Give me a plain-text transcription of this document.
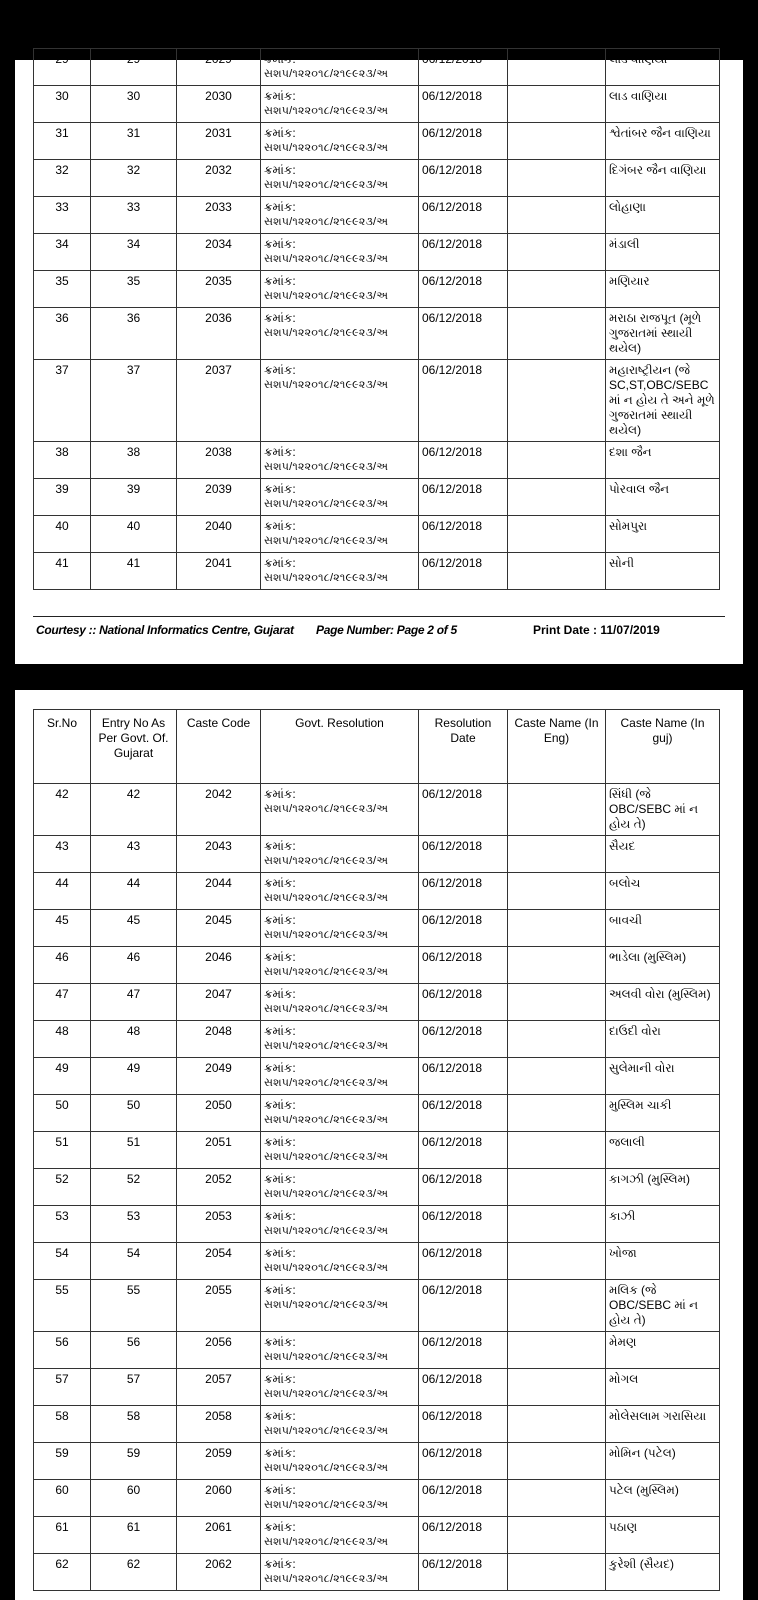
29	29	2029	ક્રમાંક:
સશપ/૧૨૨૦૧૮/૨૧૯૯૨૩/અ	06/12/2018		લાડ વાણિયા
30	30	2030	ક્રમાંક:
સશપ/૧૨૨૦૧૮/૨૧૯૯૨૩/અ	06/12/2018		લાડ વાણિયા
31	31	2031	ક્રમાંક:
સશપ/૧૨૨૦૧૮/૨૧૯૯૨૩/અ	06/12/2018		શ્વેતાંબર જૈન વાણિયા
32	32	2032	ક્રમાંક:
સશપ/૧૨૨૦૧૮/૨૧૯૯૨૩/અ	06/12/2018		દિગંબર જૈન વાણિયા
33	33	2033	ક્રમાંક:
સશપ/૧૨૨૦૧૮/૨૧૯૯૨૩/અ	06/12/2018		લોહાણા
34	34	2034	ક્રમાંક:
સશપ/૧૨૨૦૧૮/૨૧૯૯૨૩/અ	06/12/2018		મંડાલી
35	35	2035	ક્રમાંક:
સશપ/૧૨૨૦૧૮/૨૧૯૯૨૩/અ	06/12/2018		મણિયાર
36	36	2036	ક્રમાંક:
સશપ/૧૨૨૦૧૮/૨૧૯૯૨૩/અ	06/12/2018		મરાઠા રાજપૂત (મૂળે ગુજરાતમાં સ્થાયી થયેલ)
37	37	2037	ક્રમાંક:
સશપ/૧૨૨૦૧૮/૨૧૯૯૨૩/અ	06/12/2018		મહારાષ્ટ્રીયન (જે SC,ST,OBC/SEBC માં ન હોય તે અને મૂળે ગુજરાતમાં સ્થાયી થયેલ)
38	38	2038	ક્રમાંક:
સશપ/૧૨૨૦૧૮/૨૧૯૯૨૩/અ	06/12/2018		દશા જૈન
39	39	2039	ક્રમાંક:
સશપ/૧૨૨૦૧૮/૨૧૯૯૨૩/અ	06/12/2018		પોરવાલ જૈન
40	40	2040	ક્રમાંક:
સશપ/૧૨૨૦૧૮/૨૧૯૯૨૩/અ	06/12/2018		સોમપુરા
41	41	2041	ક્રમાંક:
સશપ/૧૨૨૦૧૮/૨૧૯૯૨૩/અ	06/12/2018		સોની
Courtesy :: National Informatics Centre, Gujarat Page Number: Page 2 of 5	Print Date : 11/07/2019
Sr.No	Entry No As Per Govt. Of. Gujarat	Caste Code	Govt. Resolution	Resolution Date	Caste Name (In Eng)	Caste Name (In guj)
42	42	2042	ક્રમાંક:
સશપ/૧૨૨૦૧૮/૨૧૯૯૨૩/અ	06/12/2018		સિંધી (જે OBC/SEBC માં ન હોય તે)
43	43	2043	ક્રમાંક:
સશપ/૧૨૨૦૧૮/૨૧૯૯૨૩/અ	06/12/2018		સૈયદ
44	44	2044	ક્રમાંક:
સશપ/૧૨૨૦૧૮/૨૧૯૯૨૩/અ	06/12/2018		બલોચ
45	45	2045	ક્રમાંક:
સશપ/૧૨૨૦૧૮/૨૧૯૯૨૩/અ	06/12/2018		બાવચી
46	46	2046	ક્રમાંક:
સશપ/૧૨૨૦૧૮/૨૧૯૯૨૩/અ	06/12/2018		ભાડેલા (મુસ્લિમ)
47	47	2047	ક્રમાંક:
સશપ/૧૨૨૦૧૮/૨૧૯૯૨૩/અ	06/12/2018		અલવી વોરા (મુસ્લિમ)
48	48	2048	ક્રમાંક:
સશપ/૧૨૨૦૧૮/૨૧૯૯૨૩/અ	06/12/2018		દાઉદી વોરા
49	49	2049	ક્રમાંક:
સશપ/૧૨૨૦૧૮/૨૧૯૯૨૩/અ	06/12/2018		સુલેમાની વોરા
50	50	2050	ક્રમાંક:
સશપ/૧૨૨૦૧૮/૨૧૯૯૨૩/અ	06/12/2018		મુસ્લિમ ચાકી
51	51	2051	ક્રમાંક:
સશપ/૧૨૨૦૧૮/૨૧૯૯૨૩/અ	06/12/2018		જલાલી
52	52	2052	ક્રમાંક:
સશપ/૧૨૨૦૧૮/૨૧૯૯૨૩/અ	06/12/2018		કાગઝી (મુસ્લિમ)
53	53	2053	ક્રમાંક:
સશપ/૧૨૨૦૧૮/૨૧૯૯૨૩/અ	06/12/2018		કાઝી
54	54	2054	ક્રમાંક:
સશપ/૧૨૨૦૧૮/૨૧૯૯૨૩/અ	06/12/2018		ખોજા
55	55	2055	ક્રમાંક:
સશપ/૧૨૨૦૧૮/૨૧૯૯૨૩/અ	06/12/2018		મલિક (જે OBC/SEBC માં ન હોય તે)
56	56	2056	ક્રમાંક:
સશપ/૧૨૨૦૧૮/૨૧૯૯૨૩/અ	06/12/2018		મેમણ
57	57	2057	ક્રમાંક:
સશપ/૧૨૨૦૧૮/૨૧૯૯૨૩/અ	06/12/2018		મોગલ
58	58	2058	ક્રમાંક:
સશપ/૧૨૨૦૧૮/૨૧૯૯૨૩/અ	06/12/2018		મોલેસલામ ગરાસિયા
59	59	2059	ક્રમાંક:
સશપ/૧૨૨૦૧૮/૨૧૯૯૨૩/અ	06/12/2018		મોમિન (પટેલ)
60	60	2060	ક્રમાંક:
સશપ/૧૨૨૦૧૮/૨૧૯૯૨૩/અ	06/12/2018		પટેલ (મુસ્લિમ)
61	61	2061	ક્રમાંક:
સશપ/૧૨૨૦૧૮/૨૧૯૯૨૩/અ	06/12/2018		પઠાણ
62	62	2062	ક્રમાંક:
સશપ/૧૨૨૦૧૮/૨૧૯૯૨૩/અ	06/12/2018		કુરેશી (સૈયદ)
